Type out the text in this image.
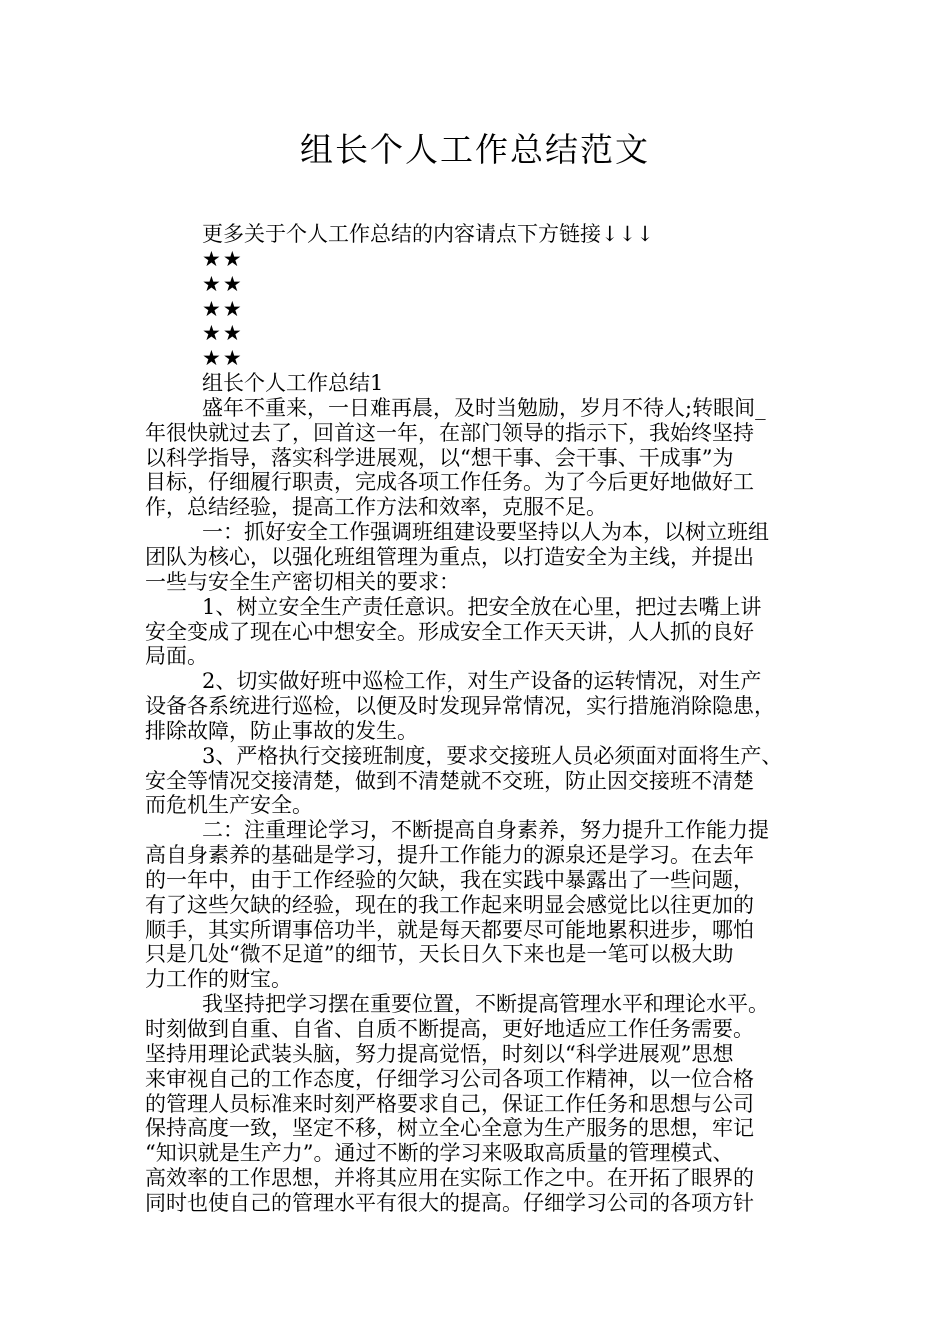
组长个人工作总结范文
更多关于个人工作总结的内容请点下方链接↓↓↓
★★
★★
★★
★★
★★
组长个人工作总结1
盛年不重来，一日难再晨，及时当勉励，岁月不待人;转眼间_
年很快就过去了，回首这一年，在部门领导的指示下，我始终坚持
以科学指导，落实科学进展观，以“想干事、会干事、干成事”为
目标，仔细履行职责，完成各项工作任务。为了今后更好地做好工
作，总结经验，提高工作方法和效率，克服不足。
一：抓好安全工作强调班组建设要坚持以人为本，以树立班组
团队为核心，以强化班组管理为重点，以打造安全为主线，并提出
一些与安全生产密切相关的要求：
1、树立安全生产责任意识。把安全放在心里，把过去嘴上讲
安全变成了现在心中想安全。形成安全工作天天讲，人人抓的良好
局面。
2、切实做好班中巡检工作，对生产设备的运转情况，对生产
设备各系统进行巡检，以便及时发现异常情况，实行措施消除隐患，
排除故障，防止事故的发生。
3、严格执行交接班制度，要求交接班人员必须面对面将生产、
安全等情况交接清楚，做到不清楚就不交班，防止因交接班不清楚
而危机生产安全。
二：注重理论学习，不断提高自身素养，努力提升工作能力提
高自身素养的基础是学习，提升工作能力的源泉还是学习。在去年
的一年中，由于工作经验的欠缺，我在实践中暴露出了一些问题，
有了这些欠缺的经验，现在的我工作起来明显会感觉比以往更加的
顺手，其实所谓事倍功半，就是每天都要尽可能地累积进步，哪怕
只是几处“微不足道”的细节，天长日久下来也是一笔可以极大助
力工作的财宝。
我坚持把学习摆在重要位置，不断提高管理水平和理论水平。
时刻做到自重、自省、自质不断提高，更好地适应工作任务需要。
坚持用理论武装头脑，努力提高觉悟，时刻以“科学进展观”思想
来审视自己的工作态度，仔细学习公司各项工作精神，以一位合格
的管理人员标准来时刻严格要求自己，保证工作任务和思想与公司
保持高度一致，坚定不移，树立全心全意为生产服务的思想，牢记
“知识就是生产力”。通过不断的学习来吸取高质量的管理模式、
高效率的工作思想，并将其应用在实际工作之中。在开拓了眼界的
同时也使自己的管理水平有很大的提高。仔细学习公司的各项方针
